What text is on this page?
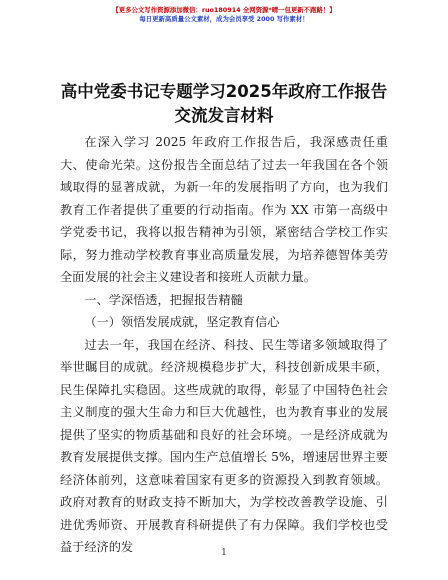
【更多公文写作资源添加微信：ruo180914 全网资源*晴一包更新不跑路！】
每日更新高质量公文素材，成为会员享受 2000 写作素材！
高中党委书记专题学习2025年政府工作报告交流发言材料

在深入学习 2025 年政府工作报告后，我深感责任重大、使命光荣。这份报告全面总结了过去一年我国在各个领域取得的显著成就，为新一年的发展指明了方向，也为我们教育工作者提供了重要的行动指南。作为 XX 市第一高级中学党委书记，我将以报告精神为引领，紧密结合学校工作实际，努力推动学校教育事业高质量发展，为培养德智体美劳全面发展的社会主义建设者和接班人贡献力量。

一、学深悟透，把握报告精髓

（一）领悟发展成就，坚定教育信心

过去一年，我国在经济、科技、民生等诸多领域取得了举世瞩目的成就。经济规模稳步扩大，科技创新成果丰硕，民生保障扎实稳固。这些成就的取得，彰显了中国特色社会主义制度的强大生命力和巨大优越性，也为教育事业的发展提供了坚实的物质基础和良好的社会环境。一是经济成就为教育发展提供支撑。国内生产总值增长 5%，增速居世界主要经济体前列，这意味着国家有更多的资源投入到教育领域。政府对教育的财政支持不断加大，为学校改善教学设施、引进优秀师资、开展教育科研提供了有力保障。我们学校也受益于经济的发	1
